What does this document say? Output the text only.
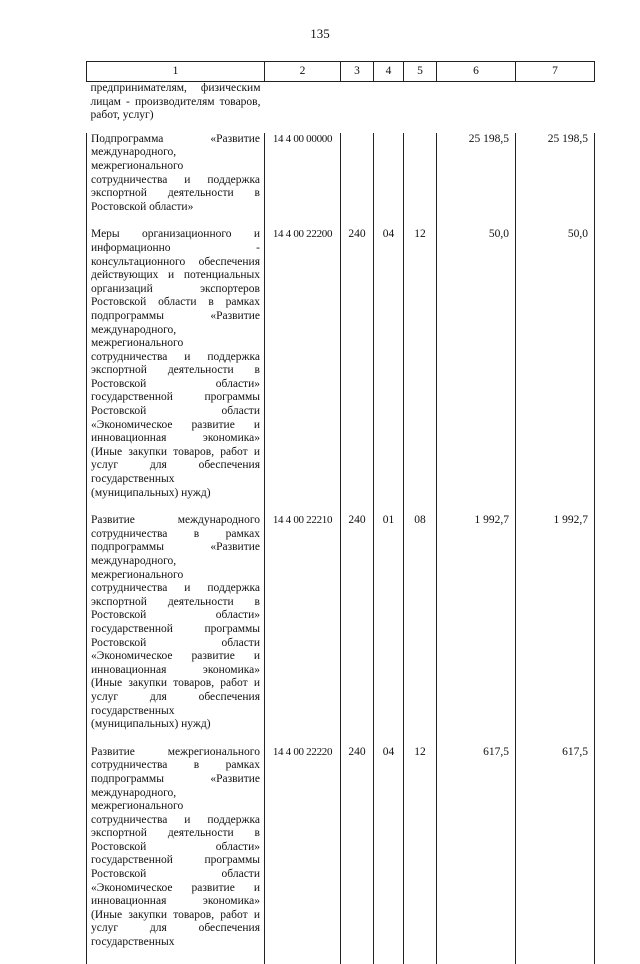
135
1	2	3	4	5	6	7
предпринимателям, физическим лицам - производителям товаров, работ, услуг)						
Подпрограмма «Развитие международного, межрегионального сотрудничества и поддержка экспортной деятельности в Ростовской области»	14 4 00 00000				25 198,5	25 198,5
Меры организационного и информационно - консультационного обеспечения действующих и потенциальных организаций экспортеров Ростовской области в рамках подпрограммы «Развитие международного, межрегионального сотрудничества и поддержка экспортной деятельности в Ростовской области» государственной программы Ростовской области «Экономическое развитие и инновационная экономика» (Иные закупки товаров, работ и услуг для обеспечения государственных (муниципальных) нужд)	14 4 00 22200	240	04	12	50,0	50,0
Развитие международного сотрудничества в рамках подпрограммы «Развитие международного, межрегионального сотрудничества и поддержка экспортной деятельности в Ростовской области» государственной программы Ростовской области «Экономическое развитие и инновационная экономика» (Иные закупки товаров, работ и услуг для обеспечения государственных (муниципальных) нужд)	14 4 00 22210	240	01	08	1 992,7	1 992,7
Развитие межрегионального сотрудничества в рамках подпрограммы «Развитие международного, межрегионального сотрудничества и поддержка экспортной деятельности в Ростовской области» государственной программы Ростовской области «Экономическое развитие и инновационная экономика» (Иные закупки товаров, работ и услуг для обеспечения государственных	14 4 00 22220	240	04	12	617,5	617,5
